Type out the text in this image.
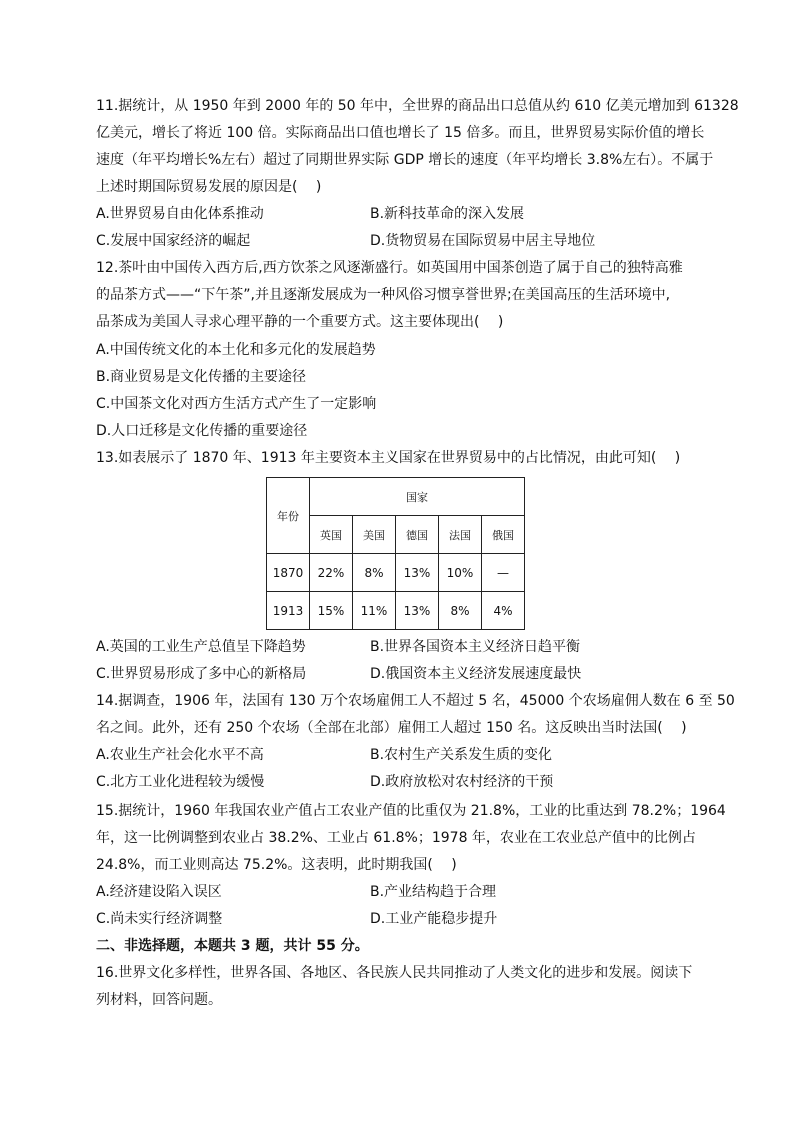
11.据统计，从 1950 年到 2000 年的 50 年中，全世界的商品出口总值从约 610 亿美元增加到 61328
亿美元，增长了将近 100 倍。实际商品出口值也增长了 15 倍多。而且，世界贸易实际价值的增长
速度（年平均增长%左右）超过了同期世界实际 GDP 增长的速度（年平均增长 3.8%左右）。不属于
上述时期国际贸易发展的原因是(　 )
A.世界贸易自由化体系推动	B.新科技革命的深入发展
C.发展中国家经济的崛起	D.货物贸易在国际贸易中居主导地位
12.茶叶由中国传入西方后,西方饮茶之风逐渐盛行。如英国用中国茶创造了属于自己的独特高雅
的品茶方式——“下午茶”,并且逐渐发展成为一种风俗习惯享誉世界;在美国高压的生活环境中,
品茶成为美国人寻求心理平静的一个重要方式。这主要体现出(　 )
A.中国传统文化的本土化和多元化的发展趋势
B.商业贸易是文化传播的主要途径
C.中国茶文化对西方生活方式产生了一定影响
D.人口迁移是文化传播的重要途径
13.如表展示了 1870 年、1913 年主要资本主义国家在世界贸易中的占比情况，由此可知(　 )
年份	国家				
	英国	美国	德国	法国	俄国
1870	22%	8%	13%	10%	—
1913	15%	11%	13%	8%	4%
A.英国的工业生产总值呈下降趋势	B.世界各国资本主义经济日趋平衡
C.世界贸易形成了多中心的新格局	D.俄国资本主义经济发展速度最快
14.据调查，1906 年，法国有 130 万个农场雇佣工人不超过 5 名，45000 个农场雇佣人数在 6 至 50
名之间。此外，还有 250 个农场（全部在北部）雇佣工人超过 150 名。这反映出当时法国(　 )
A.农业生产社会化水平不高	B.农村生产关系发生质的变化
C.北方工业化进程较为缓慢	D.政府放松对农村经济的干预
15.据统计，1960 年我国农业产值占工农业产值的比重仅为 21.8%，工业的比重达到 78.2%；1964
年，这一比例调整到农业占 38.2%、工业占 61.8%；1978 年，农业在工农业总产值中的比例占
24.8%，而工业则高达 75.2%。这表明，此时期我国(　 )
A.经济建设陷入误区	B.产业结构趋于合理
C.尚未实行经济调整	D.工业产能稳步提升
二、非选择题，本题共 3 题，共计 55 分。
16.世界文化多样性，世界各国、各地区、各民族人民共同推动了人类文化的进步和发展。阅读下
列材料，回答问题。
